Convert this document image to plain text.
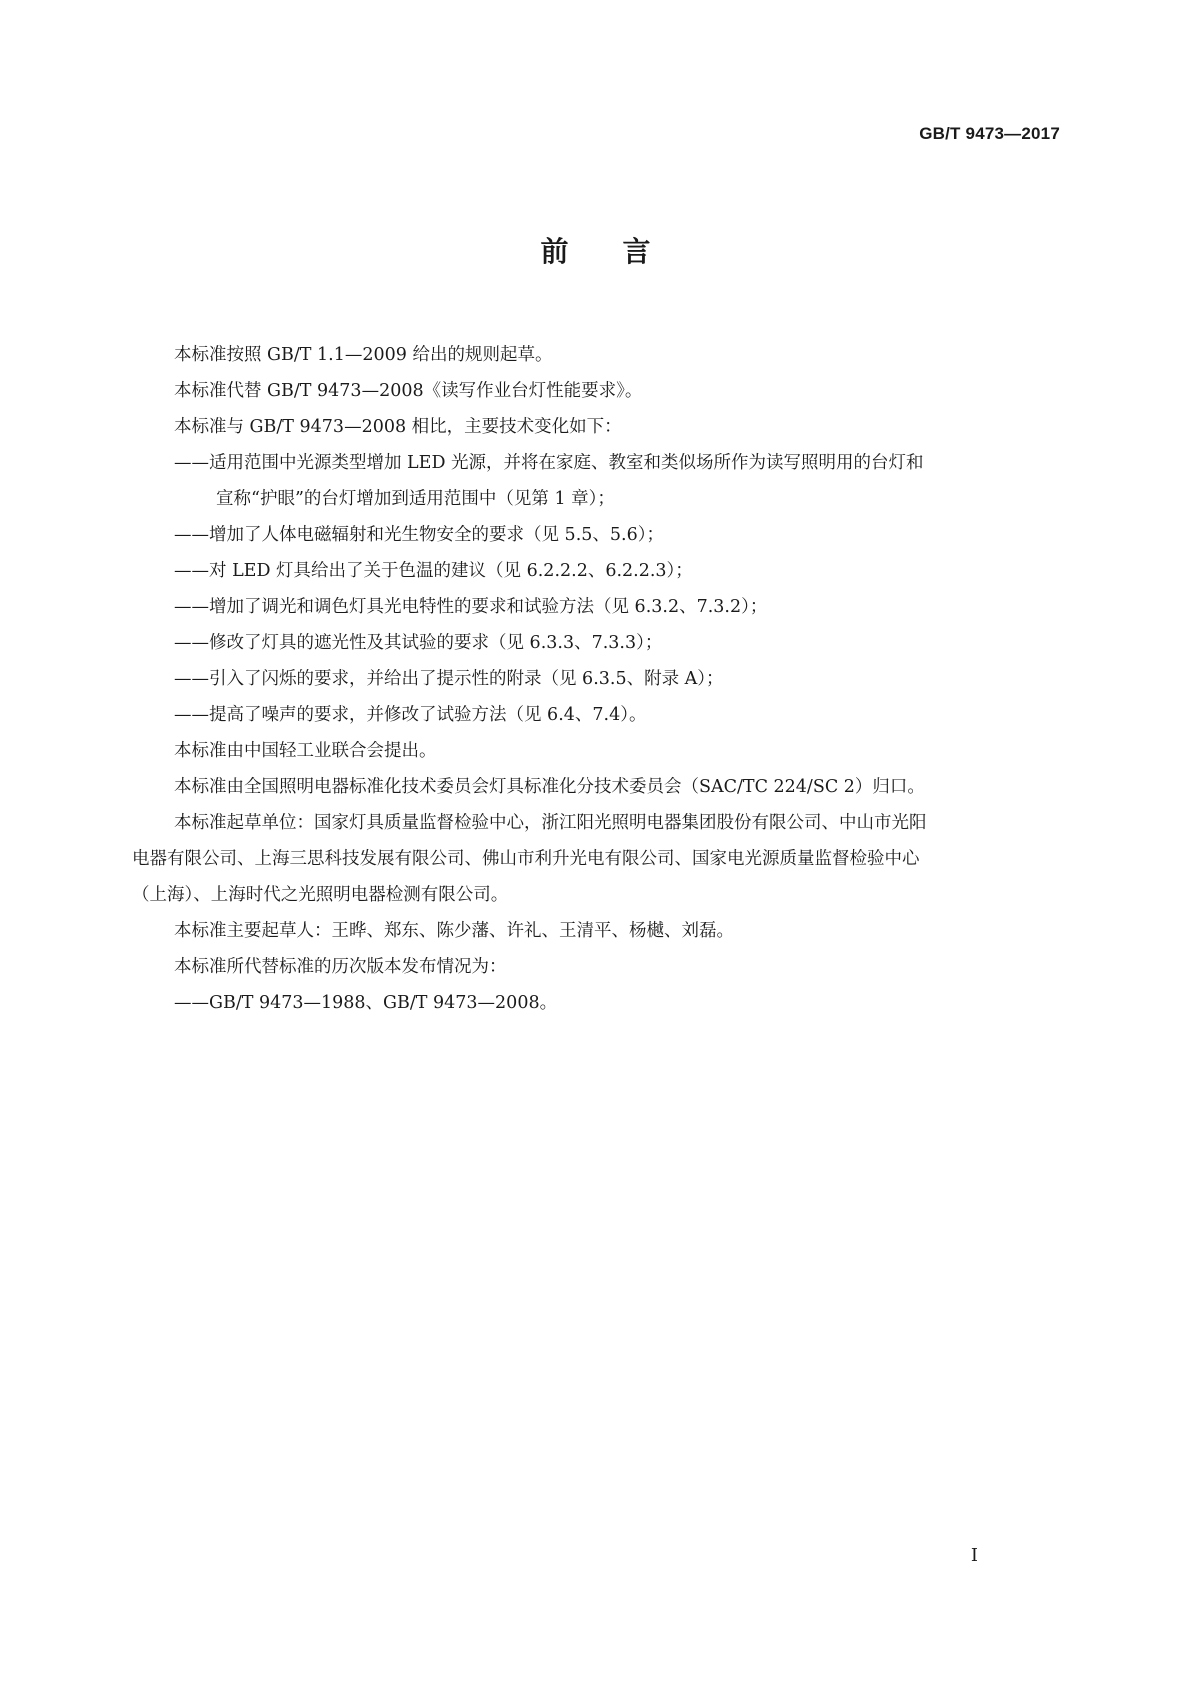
GB/T 9473—2017
前言
本标准按照 GB/T 1.1—2009 给出的规则起草。
本标准代替 GB/T 9473—2008《读写作业台灯性能要求》。
本标准与 GB/T 9473—2008 相比，主要技术变化如下：
——适用范围中光源类型增加 LED 光源，并将在家庭、教室和类似场所作为读写照明用的台灯和
宣称“护眼”的台灯增加到适用范围中（见第 1 章）；
——增加了人体电磁辐射和光生物安全的要求（见 5.5、5.6）；
——对 LED 灯具给出了关于色温的建议（见 6.2.2.2、6.2.2.3）；
——增加了调光和调色灯具光电特性的要求和试验方法（见 6.3.2、7.3.2）；
——修改了灯具的遮光性及其试验的要求（见 6.3.3、7.3.3）；
——引入了闪烁的要求，并给出了提示性的附录（见 6.3.5、附录 A）；
——提高了噪声的要求，并修改了试验方法（见 6.4、7.4）。
本标准由中国轻工业联合会提出。
本标准由全国照明电器标准化技术委员会灯具标准化分技术委员会（SAC/TC 224/SC 2）归口。
本标准起草单位：国家灯具质量监督检验中心，浙江阳光照明电器集团股份有限公司、中山市光阳
电器有限公司、上海三思科技发展有限公司、佛山市利升光电有限公司、国家电光源质量监督检验中心
（上海）、上海时代之光照明电器检测有限公司。
本标准主要起草人：王晔、郑东、陈少藩、许礼、王清平、杨樾、刘磊。
本标准所代替标准的历次版本发布情况为：
——GB/T 9473—1988、GB/T 9473—2008。
I
